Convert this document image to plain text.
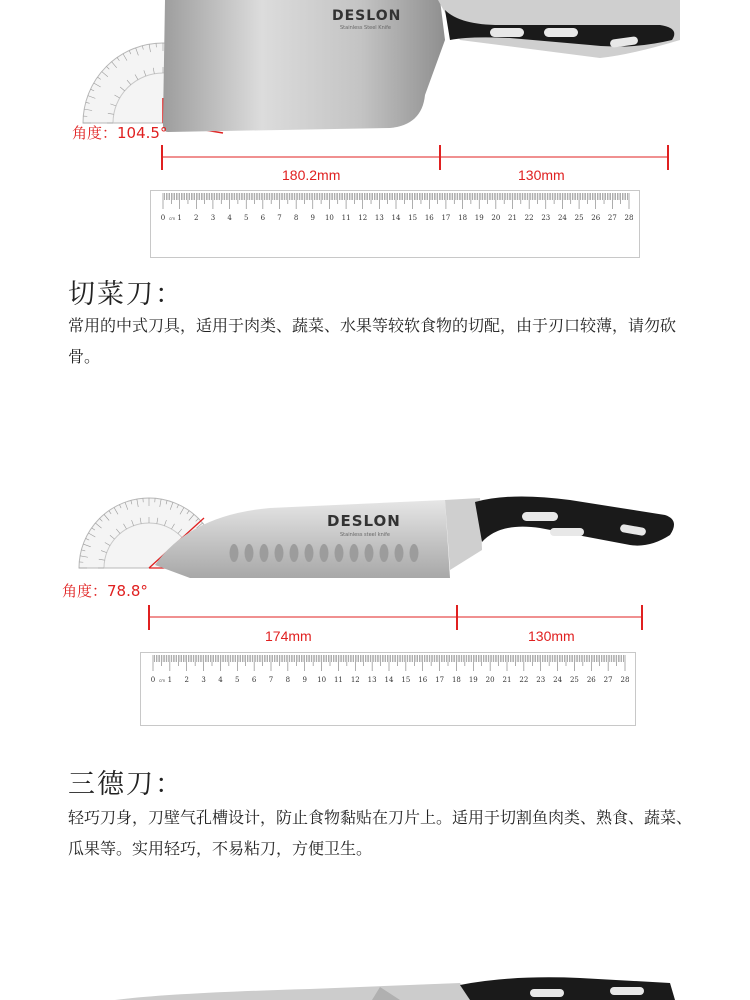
DESLON
Stainless Steel Knife
角度：104.5°
180.2mm	130mm
0 1 2 3 4 5 6 7 8 9 10 11 12 13 14 15 16 17 18 19 20 21 22 23 24 25 26 27 28
cm
切菜刀：
常用的中式刀具，适用于肉类、蔬菜、水果等较软食物的切配，由于刃口较薄，请勿砍骨。
DESLON
Stainless steel knife
角度：78.8°
174mm	130mm
0 1 2 3 4 5 6 7 8 9 10 11 12 13 14 15 16 17 18 19 20 21 22 23 24 25 26 27 28
cm
三德刀：
轻巧刀身，刀壁气孔槽设计，防止食物黏贴在刀片上。适用于切割鱼肉类、熟食、蔬菜、瓜果等。实用轻巧，不易粘刀，方便卫生。
